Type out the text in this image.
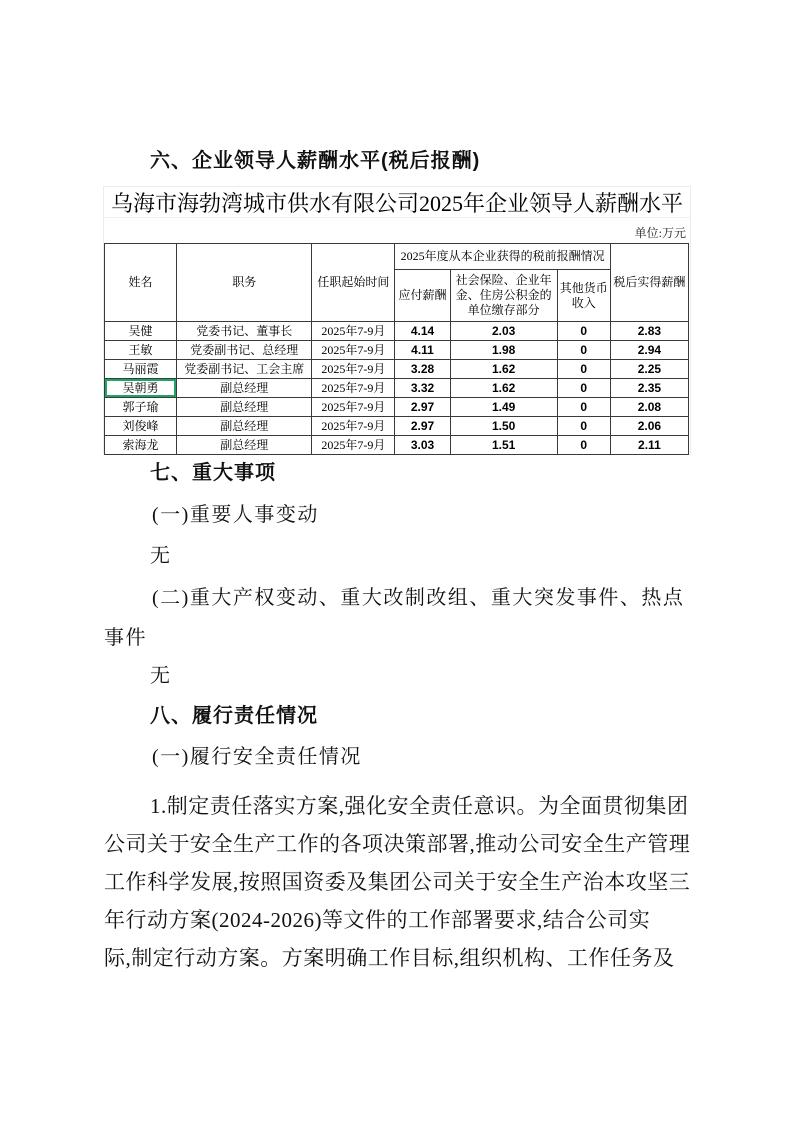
六、企业领导人薪酬水平(税后报酬)
乌海市海勃湾城市供水有限公司2025年企业领导人薪酬水平
单位:万元
姓名	职务	任职起始时间	2025年度从本企业获得的税前报酬情况			税后实得薪酬
			应付薪酬	社会保险、企业年金、住房公积金的单位缴存部分	其他货币收入	
吴健	党委书记、董事长	2025年7-9月	4.14	2.03	0	2.83
王敏	党委副书记、总经理	2025年7-9月	4.11	1.98	0	2.94
马丽霞	党委副书记、工会主席	2025年7-9月	3.28	1.62	0	2.25
吴朝勇	副总经理	2025年7-9月	3.32	1.62	0	2.35
郭子瑜	副总经理	2025年7-9月	2.97	1.49	0	2.08
刘俊峰	副总经理	2025年7-9月	2.97	1.50	0	2.06
索海龙	副总经理	2025年7-9月	3.03	1.51	0	2.11
七、重大事项
(一)重要人事变动
无
(二)重大产权变动、重大改制改组、重大突发事件、热点
事件
无
八、履行责任情况
(一)履行安全责任情况
1.制定责任落实方案,强化安全责任意识。为全面贯彻集团
公司关于安全生产工作的各项决策部署,推动公司安全生产管理
工作科学发展,按照国资委及集团公司关于安全生产治本攻坚三
年行动方案(2024-2026)等文件的工作部署要求,结合公司实
际,制定行动方案。方案明确工作目标,组织机构、工作任务及
